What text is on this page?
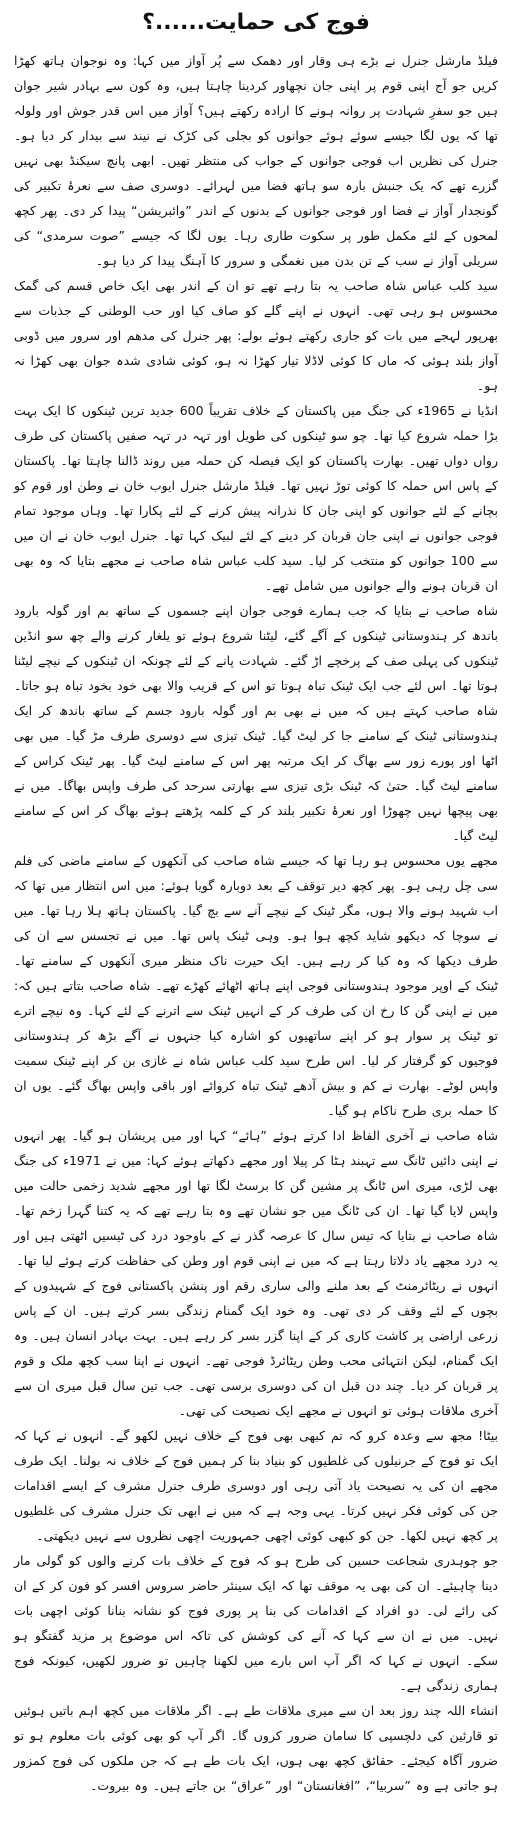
فوج کی حمایت......؟

فیلڈ مارشل جنرل نے بڑے ہی وقار اور دھمک سے پُر آواز میں کہا: وہ نوجوان ہاتھ کھڑا کریں جو آج اپنی قوم پر اپنی جان نچھاور کردینا چاہتا ہیں، وہ کون سے بہادر شیر جوان ہیں جو سفرِ شہادت پر روانہ ہونے کا ارادہ رکھتے ہیں؟ آواز میں اس قدر جوش اور ولولہ تھا کہ یوں لگا جیسے سوئے ہوئے جوانوں کو بجلی کی کڑک نے نیند سے بیدار کر دیا ہو۔ جنرل کی نظریں اب فوجی جوانوں کے جواب کی منتظر تھیں۔ ابھی پانچ سیکنڈ بھی نہیں گزرے تھے کہ یک جنبش بارہ سو ہاتھ فضا میں لہرائے۔ دوسری صف سے نعرۂ تکبیر کی گونجدار آواز نے فضا اور فوجی جوانوں کے بدنوں کے اندر ”وائبریشن“ پیدا کر دی۔ پھر کچھ لمحوں کے لئے مکمل طور پر سکوت طاری رہا۔ یوں لگا کہ جیسے ”صوت سرمدی“ کی سریلی آواز نے سب کے تن بدن میں نغمگی و سرور کا آہنگ پیدا کر دیا ہو۔

سید کلب عباس شاہ صاحب یہ بتا رہے تھے تو ان کے اندر بھی ایک خاص قسم کی گمک محسوس ہو رہی تھی۔ انہوں نے اپنے گلے کو صاف کیا اور حب الوطنی کے جذبات سے بھرپور لہجے میں بات کو جاری رکھتے ہوئے بولے: پھر جنرل کی مدھم اور سرور میں ڈوبی آواز بلند ہوئی کہ ماں کا کوئی لاڈلا تیار کھڑا نہ ہو، کوئی شادی شدہ جوان بھی کھڑا نہ ہو۔

انڈیا نے 1965ء کی جنگ میں پاکستان کے خلاف تقریباً 600 جدید ترین ٹینکوں کا ایک بہت بڑا حملہ شروع کیا تھا۔ چو سو ٹینکوں کی طویل اور تہہ در تہہ صفیں پاکستان کی طرف رواں دواں تھیں۔ بھارت پاکستان کو ایک فیصلہ کن حملہ میں روند ڈالنا چاہتا تھا۔ پاکستان کے پاس اس حملہ کا کوئی توڑ نہیں تھا۔ فیلڈ مارشل جنرل ایوب خان نے وطن اور قوم کو بچانے کے لئے جوانوں کو اپنی جان کا نذرانہ پیش کرنے کے لئے پکارا تھا۔ وہاں موجود تمام فوجی جوانوں نے اپنی جان قربان کر دینے کے لئے لبیک کہا تھا۔ جنرل ایوب خان نے ان میں سے 100 جوانوں کو منتخب کر لیا۔ سید کلب عباس شاہ صاحب نے مجھے بتایا کہ وہ بھی ان قربان ہونے والے جوانوں میں شامل تھے۔

شاہ صاحب نے بتایا کہ جب ہمارے فوجی جوان اپنے جسموں کے ساتھ بم اور گولہ بارود باندھ کر ہندوستانی ٹینکوں کے آگے گئے، لیٹنا شروع ہوئے تو یلغار کرنے والے چھ سو انڈین ٹینکوں کی پہلی صف کے پرخچے اڑ گئے۔ شہادت پانے کے لئے چونکہ ان ٹینکوں کے نیچے لیٹنا ہوتا تھا۔ اس لئے جب ایک ٹینک تباہ ہوتا تو اس کے قریب والا بھی خود بخود تباہ ہو جاتا۔ شاہ صاحب کہتے ہیں کہ میں نے بھی بم اور گولہ بارود جسم کے ساتھ باندھ کر ایک ہندوستانی ٹینک کے سامنے جا کر لیٹ گیا۔ ٹینک تیزی سے دوسری طرف مڑ گیا۔ میں بھی اٹھا اور پورے زور سے بھاگ کر ایک مرتبہ پھر اس کے سامنے لیٹ گیا۔ پھر ٹینک کراس کے سامنے لیٹ گیا۔ حتیٰ کہ ٹینک بڑی تیزی سے بھارتی سرحد کی طرف واپس بھاگا۔ میں نے بھی پیچھا نہیں چھوڑا اور نعرۂ تکبیر بلند کر کے کلمہ پڑھتے ہوئے بھاگ کر اس کے سامنے لیٹ گیا۔

مجھے یوں محسوس ہو رہا تھا کہ جیسے شاہ صاحب کی آنکھوں کے سامنے ماضی کی فلم سی چل رہی ہو۔ پھر کچھ دیر توقف کے بعد دوبارہ گویا ہوئے: میں اس انتظار میں تھا کہ اب شہید ہونے والا ہوں، مگر ٹینک کے نیچے آنے سے بچ گیا۔ پاکستان ہاتھ ہلا رہا تھا۔ میں نے سوچا کہ دیکھو شاید کچھ ہوا ہو۔ وہی ٹینک پاس تھا۔ میں نے تجسس سے ان کی طرف دیکھا کہ وہ کیا کر رہے ہیں۔ ایک حیرت ناک منظر میری آنکھوں کے سامنے تھا۔ ٹینک کے اوپر موجود ہندوستانی فوجی اپنے ہاتھ اٹھائے کھڑے تھے۔ شاہ صاحب بتاتے ہیں کہ: میں نے اپنی گن کا رخ ان کی طرف کر کے انہیں ٹینک سے اترنے کے لئے کہا۔ وہ نیچے اترے تو ٹینک پر سوار ہو کر اپنے ساتھیوں کو اشارہ کیا جنہوں نے آگے بڑھ کر ہندوستانی فوجیوں کو گرفتار کر لیا۔ اس طرح سید کلب عباس شاہ نے غازی بن کر اپنے ٹینک سمیت واپس لوٹے۔ بھارت نے کم و بیش آدھے ٹینک تباہ کروائے اور باقی واپس بھاگ گئے۔ یوں ان کا حملہ بری طرح ناکام ہو گیا۔

شاہ صاحب نے آخری الفاظ ادا کرتے ہوئے ”ہائے“ کہا اور میں پریشان ہو گیا۔ پھر انہوں نے اپنی دائیں ٹانگ سے تہبند ہٹا کر پیلا اور مجھے دکھاتے ہوئے کہا: میں نے 1971ء کی جنگ بھی لڑی، میری اس ٹانگ پر مشین گن کا برسٹ لگا تھا اور مجھے شدید زخمی حالت میں واپس لایا گیا تھا۔ ان کی ٹانگ میں جو نشان تھے وہ بتا رہے تھے کہ یہ کتنا گہرا زخم تھا۔ شاہ صاحب نے بتایا کہ تیس سال کا عرصہ گذر نے کے باوجود درد کی ٹیسیں اٹھتی ہیں اور یہ درد مجھے یاد دلاتا رہتا ہے کہ میں نے اپنی قوم اور وطن کی حفاظت کرتے ہوئے لیا تھا۔

انہوں نے ریٹائرمنٹ کے بعد ملنے والی ساری رقم اور پنشن پاکستانی فوج کے شہیدوں کے بچوں کے لئے وقف کر دی تھی۔ وہ خود ایک گمنام زندگی بسر کرتے ہیں۔ ان کے پاس زرعی اراضی پر کاشت کاری کر کے اپنا گزر بسر کر رہے ہیں۔ بہت بہادر انسان ہیں۔ وہ ایک گمنام، لیکن انتہائی محب وطن ریٹائرڈ فوجی تھے۔ انہوں نے اپنا سب کچھ ملک و قوم پر قربان کر دیا۔ چند دن قبل ان کی دوسری برسی تھی۔ جب تین سال قبل میری ان سے آخری ملاقات ہوئی تو انہوں نے مجھے ایک نصیحت کی تھی۔

بیٹا! مجھ سے وعدہ کرو کہ تم کبھی بھی فوج کے خلاف نہیں لکھو گے۔ انہوں نے کہا کہ ایک تو فوج کے جرنیلوں کی غلطیوں کو بنیاد بنا کر ہمیں فوج کے خلاف نہ بولنا۔ ایک طرف مجھے ان کی یہ نصیحت یاد آتی رہی اور دوسری طرف جنرل مشرف کے ایسے اقدامات جن کی کوئی فکر نہیں کرتا۔ یہی وجہ ہے کہ میں نے ابھی تک جنرل مشرف کی غلطیوں پر کچھ نہیں لکھا۔ جن کو کبھی کوئی اچھی جمہوریت اچھی نظروں سے نہیں دیکھتی۔

جو چوہدری شجاعت حسین کی طرح ہو کہ فوج کے خلاف بات کرنے والوں کو گولی مار دینا چاہیئے۔ ان کی بھی یہ موقف تھا کہ ایک سینئر حاضر سروس افسر کو فون کر کے ان کی رائے لی۔ دو افراد کے اقدامات کی بنا پر پوری فوج کو نشانہ بنانا کوئی اچھی بات نہیں۔ میں نے ان سے کہا کہ آنے کی کوشش کی تاکہ اس موضوع پر مزید گفتگو ہو سکے۔ انہوں نے کہا کہ اگر آپ اس بارے میں لکھنا چاہیں تو ضرور لکھیں، کیونکہ فوج ہماری زندگی ہے۔

انشاء اللہ چند روز بعد ان سے میری ملاقات طے ہے۔ اگر ملاقات میں کچھ اہم باتیں ہوئیں تو قارئین کی دلچسپی کا سامان ضرور کروں گا۔ اگر آپ کو بھی کوئی بات معلوم ہو تو ضرور آگاہ کیجئے۔ حقائق کچھ بھی ہوں، ایک بات طے ہے کہ جن ملکوں کی فوج کمزور ہو جاتی ہے وہ ”سربیا“، ”افغانستان“ اور ”عراق“ بن جاتے ہیں۔ وہ بیروت۔
